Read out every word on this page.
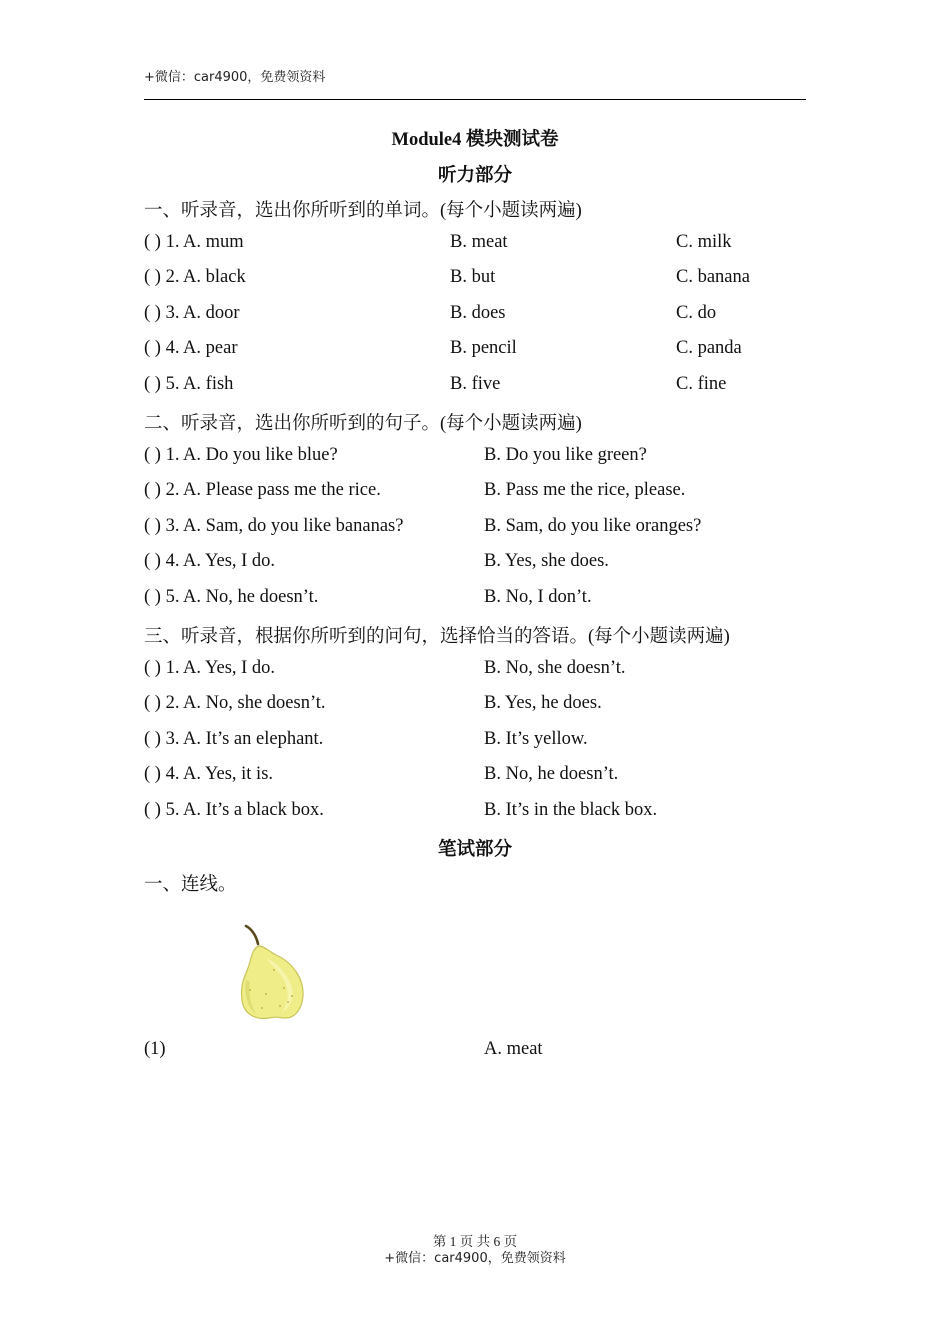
+微信：car4900，免费领资料
Module4 模块测试卷
听力部分
一、听录音，选出你所听到的单词。(每个小题读两遍)
( ) 1. A. mum	B. meat	C. milk
( ) 2. A. black	B. but	C. banana
( ) 3. A. door	B. does	C. do
( ) 4. A. pear	B. pencil	C. panda
( ) 5. A. fish	B. five	C. fine
二、听录音，选出你所听到的句子。(每个小题读两遍)
( ) 1. A. Do you like blue?	B. Do you like green?
( ) 2. A. Please pass me the rice.	B. Pass me the rice, please.
( ) 3. A. Sam, do you like bananas?	B. Sam, do you like oranges?
( ) 4. A. Yes, I do.	B. Yes, she does.
( ) 5. A. No, he doesn’t.	B. No, I don’t.
三、听录音，根据你所听到的问句，选择恰当的答语。(每个小题读两遍)
( ) 1. A. Yes, I do.	B. No, she doesn’t.
( ) 2. A. No, she doesn’t.	B. Yes, he does.
( ) 3. A. It’s an elephant.	B. It’s yellow.
( ) 4. A. Yes, it is.	B. No, he doesn’t.
( ) 5. A. It’s a black box.	B. It’s in the black box.
笔试部分
一、连线。
(1)	A. meat
第 1 页 共 6 页
+微信：car4900，免费领资料
